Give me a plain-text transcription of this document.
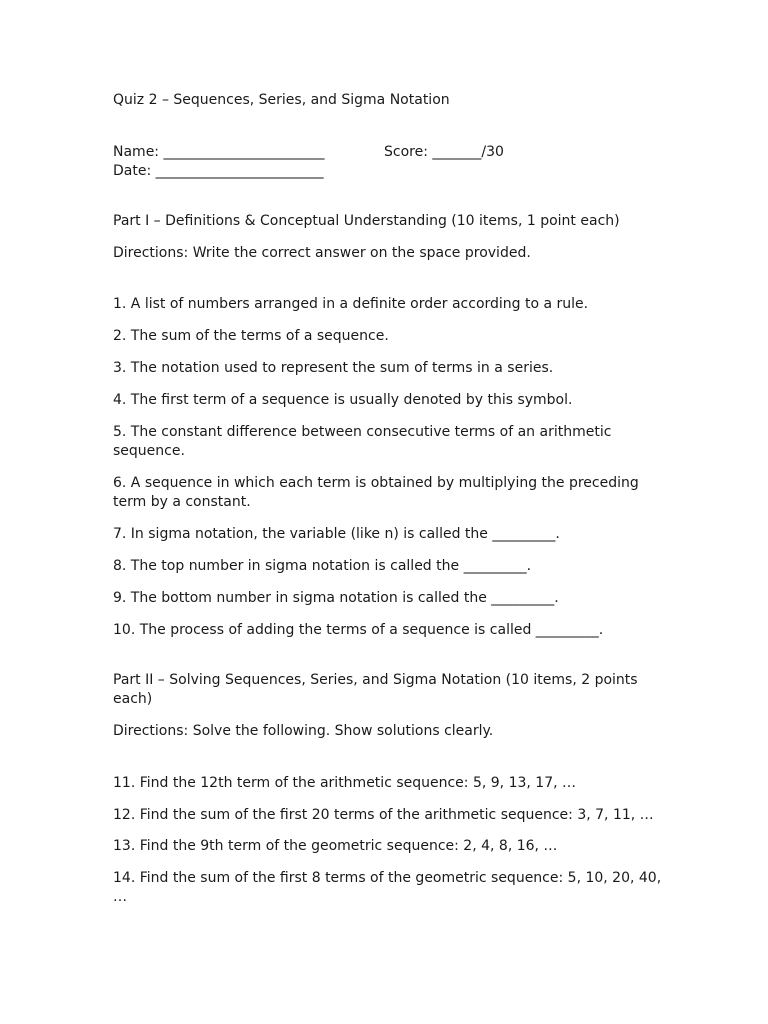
Quiz 2 – Sequences, Series, and Sigma Notation
Name: _______________________	Score: _______/30
Date: ________________________

Part I – Definitions & Conceptual Understanding (10 items, 1 point each)

Directions: Write the correct answer on the space provided.

1. A list of numbers arranged in a definite order according to a rule.

2. The sum of the terms of a sequence.

3. The notation used to represent the sum of terms in a series.

4. The first term of a sequence is usually denoted by this symbol.

5. The constant difference between consecutive terms of an arithmetic sequence.

6. A sequence in which each term is obtained by multiplying the preceding term by a constant.

7. In sigma notation, the variable (like n) is called the _________.

8. The top number in sigma notation is called the _________.

9. The bottom number in sigma notation is called the _________.

10. The process of adding the terms of a sequence is called _________.

Part II – Solving Sequences, Series, and Sigma Notation (10 items, 2 points each)

Directions: Solve the following. Show solutions clearly.

11. Find the 12th term of the arithmetic sequence: 5, 9, 13, 17, …

12. Find the sum of the first 20 terms of the arithmetic sequence: 3, 7, 11, …

13. Find the 9th term of the geometric sequence: 2, 4, 8, 16, …

14. Find the sum of the first 8 terms of the geometric sequence: 5, 10, 20, 40, …
